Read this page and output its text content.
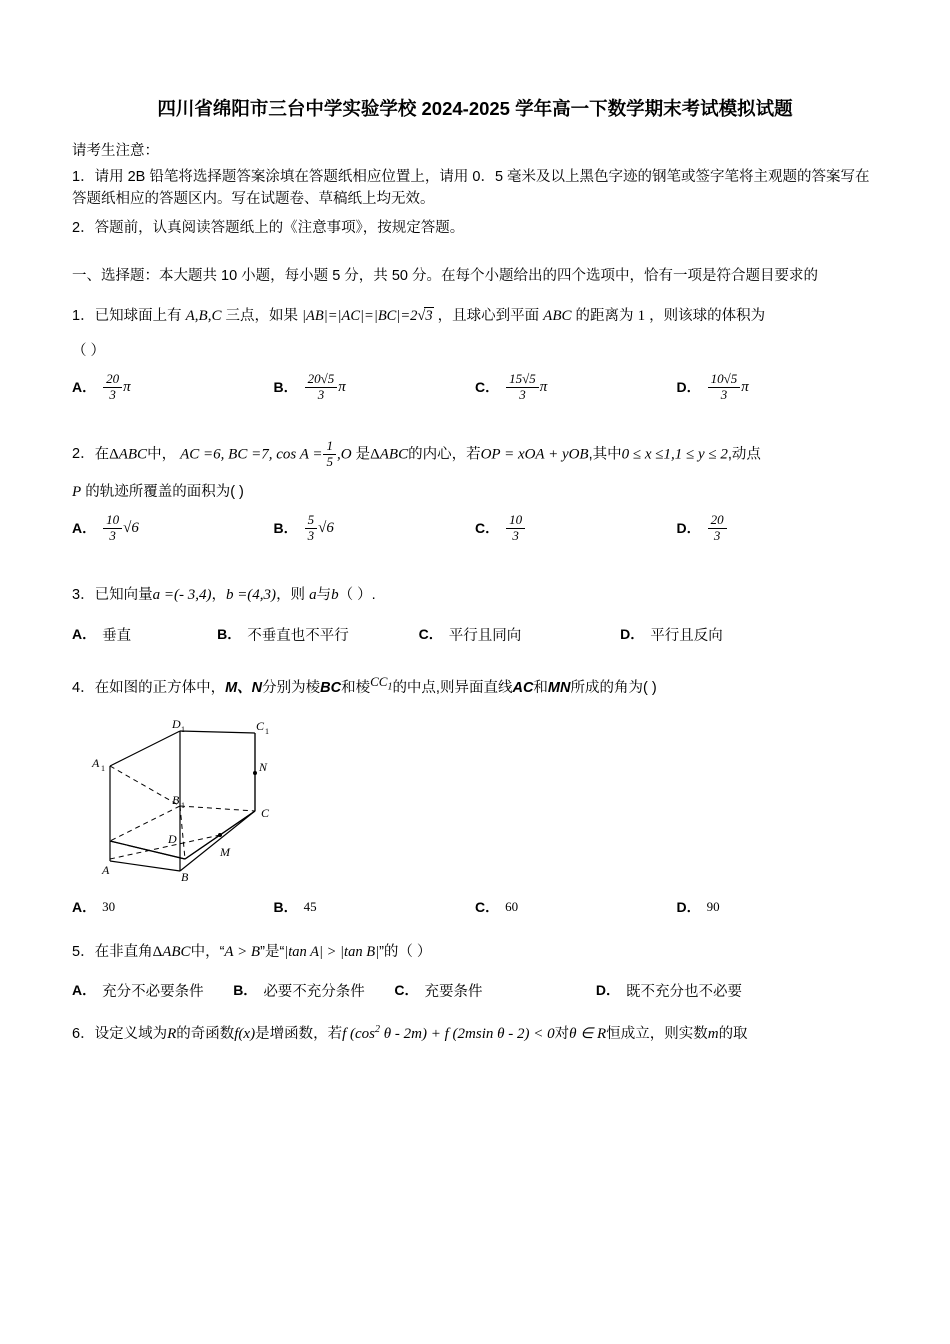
四川省绵阳市三台中学实验学校 2024-2025 学年高一下数学期末考试模拟试题
请考生注意：
1．请用 2B 铅笔将选择题答案涂填在答题纸相应位置上，请用 0．5 毫米及以上黑色字迹的钢笔或签字笔将主观题的答案写在答题纸相应的答题区内。写在试题卷、草稿纸上均无效。
2．答题前，认真阅读答题纸上的《注意事项》，按规定答题。
一、选择题：本大题共 10 小题，每小题 5 分，共 50 分。在每个小题给出的四个选项中，恰有一项是符合题目要求的
1．已知球面上有 A,B,C 三点，如果 |AB|=|AC|=|BC|=2√3 ，且球心到平面 ABC 的距离为 1 ，则该球的体积为
（ ）
A． $\frac{20}{3}$ π	B． $\frac{20√5}{3}$ π	C． $\frac{15√5}{3}$ π	D． $\frac{10√5}{3}$ π
2．在ΔABC中， AC =6, BC =7, $\cos A = \frac{1}{5} ,O$ 是ΔABC的内心，若OP = xOA + yOB,其中0 ≤ x ≤1,1 ≤ y ≤ 2,动点
P 的轨迹所覆盖的面积为( )
A． $\frac{10}{3} √6$	B． $\frac{5}{3} √6$	C． $\frac{10}{3}$	D． $\frac{20}{3}$
3．已知向量a =(- 3,4)，b =(4,3)，则 a与b（ ）.
A． 垂直	B． 不垂直也不平行	C． 平行且同向	D． 平行且反向
4．在如图的正方体中，M、N分别为棱BC和棱$CC_1$的中点,则异面直线AC和MN所成的角为( )
D 1	C 1
A 1
B 1
D
C
A	B
N
M
A． 30	B． 45	C． 60	D． 90
5．在非直角ΔABC中，“A > B”是“|tan A| > |tan B|”的（ ）
A． 充分不必要条件 B． 必要不充分条件 C． 充要条件	D． 既不充分也不必要
6．设定义域为R的奇函数f(x)是增函数，若f ($\cos^2$ θ - 2m) + f (2msin θ - 2) < 0对θ ∈ R恒成立，则实数m的取
